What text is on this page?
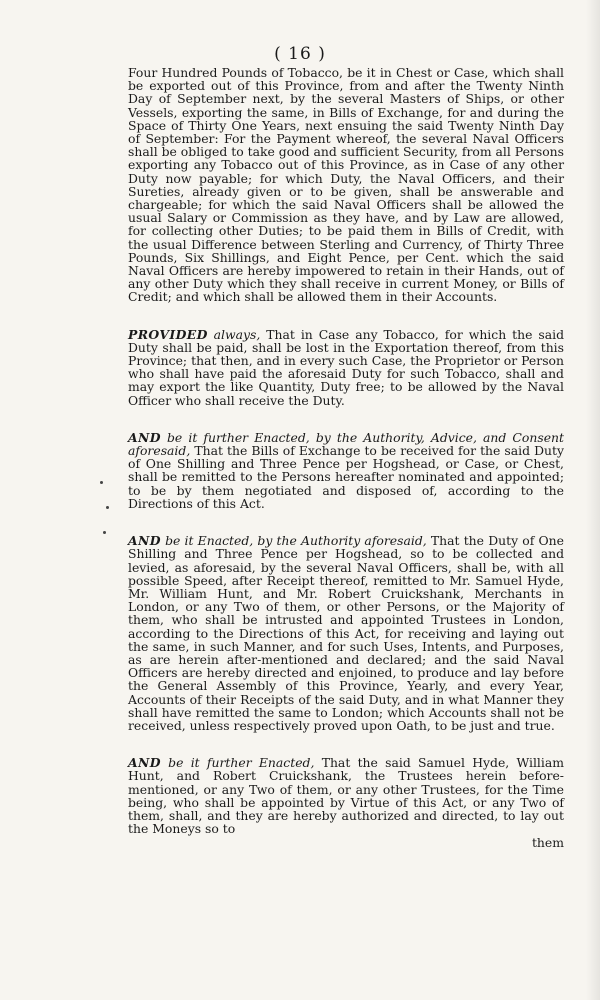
( 16 )

Four Hundred Pounds of Tobacco, be it in Chest or Case, which shall be exported out of this Province, from and after the Twenty Ninth Day of September next, by the several Masters of Ships, or other Vessels, exporting the same, in Bills of Exchange, for and during the Space of Thirty One Years, next ensuing the said Twenty Ninth Day of September: For the Payment whereof, the several Naval Officers shall be obliged to take good and sufficient Security, from all Persons exporting any Tobacco out of this Province, as in Case of any other Duty now payable; for which Duty, the Naval Officers, and their Sureties, already given or to be given, shall be answerable and chargeable; for which the said Naval Officers shall be allowed the usual Salary or Commission as they have, and by Law are allowed, for collecting other Duties; to be paid them in Bills of Credit, with the usual Difference between Sterling and Currency, of Thirty Three Pounds, Six Shillings, and Eight Pence, per Cent. which the said Naval Officers are hereby impowered to retain in their Hands, out of any other Duty which they shall receive in current Money, or Bills of Credit; and which shall be allowed them in their Accounts.

PROVIDED always, That in Case any Tobacco, for which the said Duty shall be paid, shall be lost in the Exportation thereof, from this Province; that then, and in every such Case, the Proprietor or Person who shall have paid the aforesaid Duty for such Tobacco, shall and may export the like Quantity, Duty free; to be allowed by the Naval Officer who shall receive the Duty.

AND be it further Enacted, by the Authority, Advice, and Consent aforesaid, That the Bills of Exchange to be received for the said Duty of One Shilling and Three Pence per Hogshead, or Case, or Chest, shall be remitted to the Persons hereafter nominated and appointed; to be by them negotiated and disposed of, according to the Directions of this Act.

AND be it Enacted, by the Authority aforesaid, That the Duty of One Shilling and Three Pence per Hogshead, so to be collected and levied, as aforesaid, by the several Naval Officers, shall be, with all possible Speed, after Receipt thereof, remitted to Mr. Samuel Hyde, Mr. William Hunt, and Mr. Robert Cruickshank, Merchants in London, or any Two of them, or other Persons, or the Majority of them, who shall be intrusted and appointed Trustees in London, according to the Directions of this Act, for receiving and laying out the same, in such Manner, and for such Uses, Intents, and Purposes, as are herein after-mentioned and declared; and the said Naval Officers are hereby directed and enjoined, to produce and lay before the General Assembly of this Province, Yearly, and every Year, Accounts of their Receipts of the said Duty, and in what Manner they shall have remitted the same to London; which Accounts shall not be received, unless respectively proved upon Oath, to be just and true.

AND be it further Enacted, That the said Samuel Hyde, William Hunt, and Robert Cruickshank, the Trustees herein before-mentioned, or any Two of them, or any other Trustees, for the Time being, who shall be appointed by Virtue of this Act, or any Two of them, shall, and they are hereby authorized and directed, to lay out the Moneys so to
them
